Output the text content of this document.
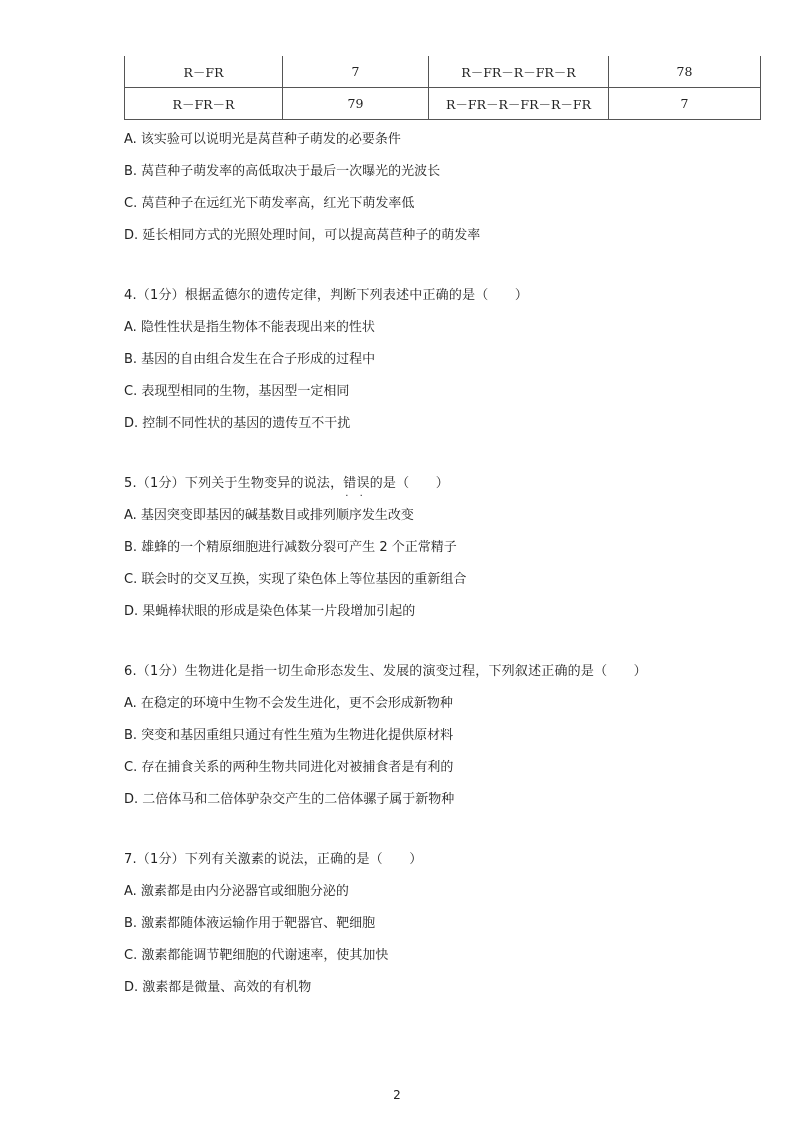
R－FR	7	R－FR－R－FR－R	78
R－FR－R	79	R－FR－R－FR－R－FR	7
A. 该实验可以说明光是莴苣种子萌发的必要条件
B. 莴苣种子萌发率的高低取决于最后一次曝光的光波长
C. 莴苣种子在远红光下萌发率高，红光下萌发率低
D. 延长相同方式的光照处理时间，可以提高莴苣种子的萌发率
4.（1分）根据孟德尔的遗传定律，判断下列表述中正确的是（　　）
A. 隐性性状是指生物体不能表现出来的性状
B. 基因的自由组合发生在合子形成的过程中
C. 表现型相同的生物，基因型一定相同
D. 控制不同性状的基因的遗传互不干扰
5.（1分）下列关于生物变异的说法，错误 · ·的是（　　）
A. 基因突变即基因的碱基数目或排列顺序发生改变
B. 雄蜂的一个精原细胞进行减数分裂可产生 2 个正常精子
C. 联会时的交叉互换，实现了染色体上等位基因的重新组合
D. 果蝇棒状眼的形成是染色体某一片段增加引起的
6.（1分）生物进化是指一切生命形态发生、发展的演变过程，下列叙述正确的是（　　）
A. 在稳定的环境中生物不会发生进化，更不会形成新物种
B. 突变和基因重组只通过有性生殖为生物进化提供原材料
C. 存在捕食关系的两种生物共同进化对被捕食者是有利的
D. 二倍体马和二倍体驴杂交产生的二倍体骡子属于新物种
7.（1分）下列有关激素的说法，正确的是（　　）
A. 激素都是由内分泌器官或细胞分泌的
B. 激素都随体液运输作用于靶器官、靶细胞
C. 激素都能调节靶细胞的代谢速率，使其加快
D. 激素都是微量、高效的有机物
2
